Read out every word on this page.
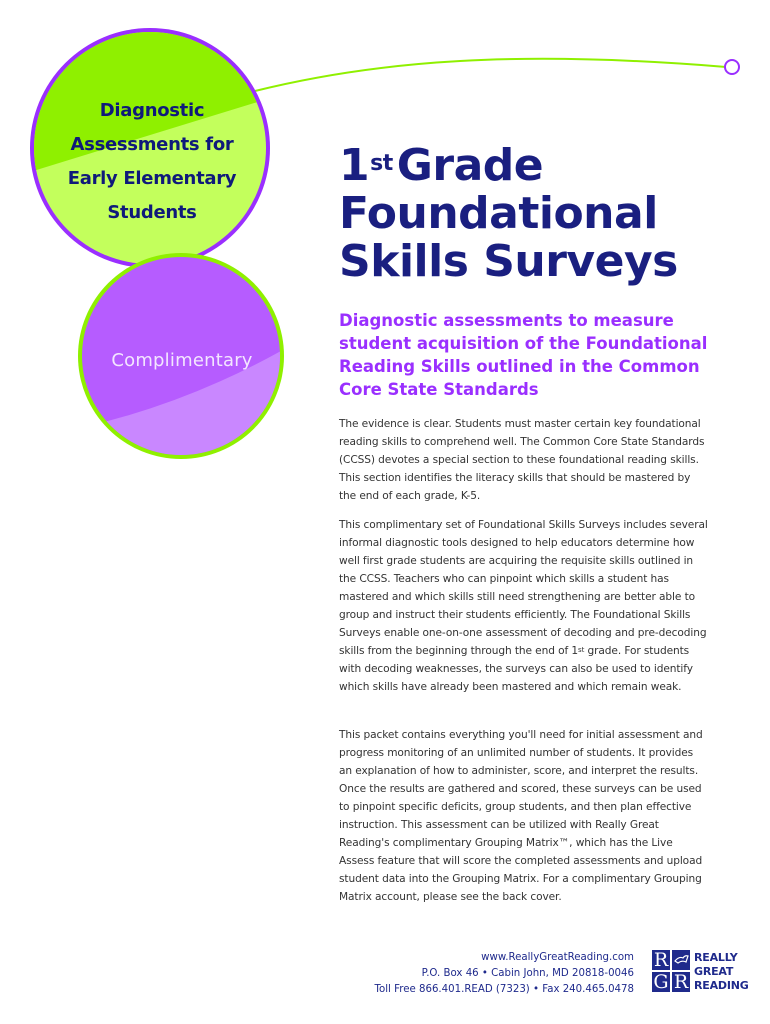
Diagnostic
Assessments for
Early Elementary
Students
Complimentary
1stGrade
Foundational
Skills Surveys

Diagnostic assessments to measure student acquisition of the Foundational Reading Skills outlined in the Common Core State Standards

The evidence is clear. Students must master certain key foundational reading skills to comprehend well. The Common Core State Standards (CCSS) devotes a special section to these foundational reading skills. This section identifies the literacy skills that should be mastered by the end of each grade, K-5.

This complimentary set of Foundational Skills Surveys includes several informal diagnostic tools designed to help educators determine how well first grade students are acquiring the requisite skills outlined in the CCSS. Teachers who can pinpoint which skills a student has mastered and which skills still need strengthening are better able to group and instruct their students efficiently. The Foundational Skills Surveys enable one-on-one assessment of decoding and pre-decoding skills from the beginning through the end of 1st grade. For students with decoding weaknesses, the surveys can also be used to identify which skills have already been mastered and which remain weak.

This packet contains everything you'll need for initial assessment and progress monitoring of an unlimited number of students. It provides an explanation of how to administer, score, and interpret the results. Once the results are gathered and scored, these surveys can be used to pinpoint specific deficits, group students, and then plan effective instruction. This assessment can be utilized with Really Great Reading's complimentary Grouping Matrix™, which has the Live Assess feature that will score the completed assessments and upload student data into the Grouping Matrix. For a complimentary Grouping Matrix account, please see the back cover.

www.ReallyGreatReading.com
P.O. Box 46 • Cabin John, MD 20818-0046
Toll Free 866.401.READ (7323) • Fax 240.465.0478
R
G R
REALLY
GREAT
READING
